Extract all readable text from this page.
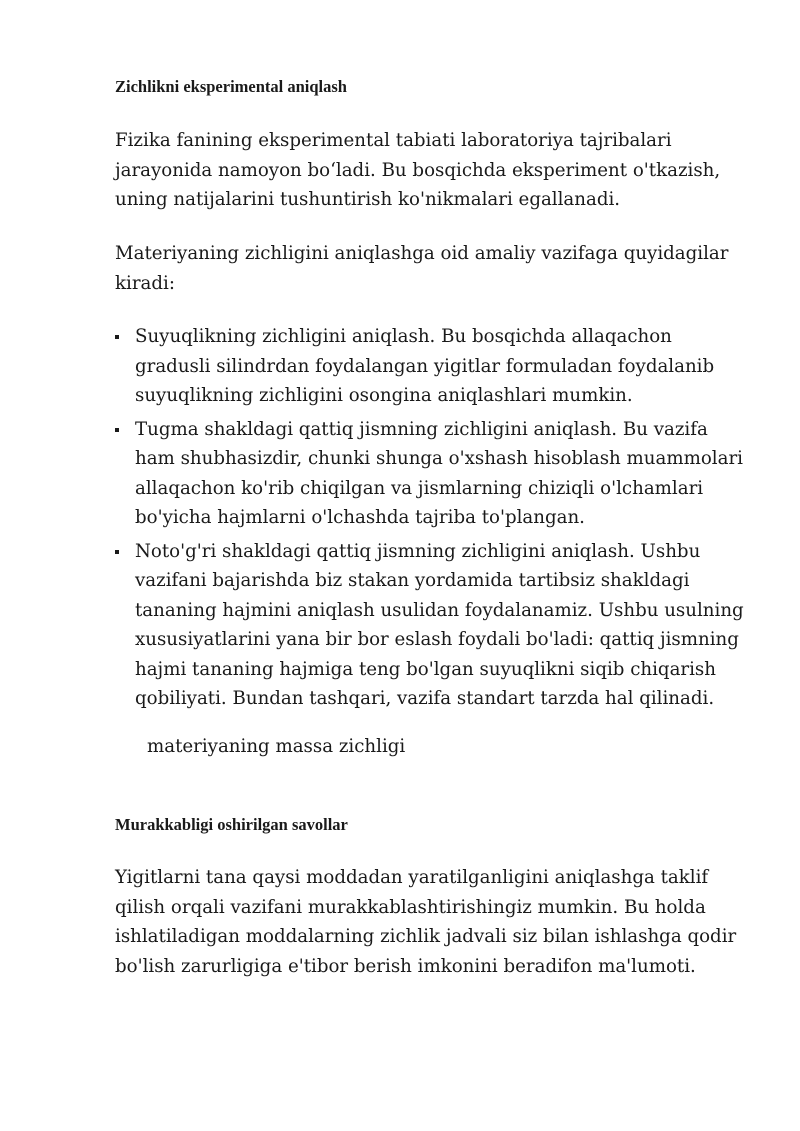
Zichlikni eksperimental aniqlash

Fizika fanining eksperimental tabiati laboratoriya tajribalari jarayonida namoyon bo‘ladi. Bu bosqichda eksperiment o'tkazish, uning natijalarini tushuntirish ko'nikmalari egallanadi.

Materiyaning zichligini aniqlashga oid amaliy vazifaga quyidagilar kiradi:

Suyuqlikning zichligini aniqlash. Bu bosqichda allaqachon gradusli silindrdan foydalangan yigitlar formuladan foydalanib suyuqlikning zichligini osongina aniqlashlari mumkin.
Tugma shakldagi qattiq jismning zichligini aniqlash. Bu vazifa ham shubhasizdir, chunki shunga o'xshash hisoblash muammolari allaqachon ko'rib chiqilgan va jismlarning chiziqli o'lchamlari bo'yicha hajmlarni o'lchashda tajriba to'plangan.
Noto'g'ri shakldagi qattiq jismning zichligini aniqlash. Ushbu vazifani bajarishda biz stakan yordamida tartibsiz shakldagi tananing hajmini aniqlash usulidan foydalanamiz. Ushbu usulning xususiyatlarini yana bir bor eslash foydali bo'ladi: qattiq jismning hajmi tananing hajmiga teng bo'lgan suyuqlikni siqib chiqarish qobiliyati. Bundan tashqari, vazifa standart tarzda hal qilinadi.

materiyaning massa zichligi

Murakkabligi oshirilgan savollar

Yigitlarni tana qaysi moddadan yaratilganligini aniqlashga taklif qilish orqali vazifani murakkablashtirishingiz mumkin. Bu holda ishlatiladigan moddalarning zichlik jadvali siz bilan ishlashga qodir bo'lish zarurligiga e'tibor berish imkonini beradifon ma'lumoti.
